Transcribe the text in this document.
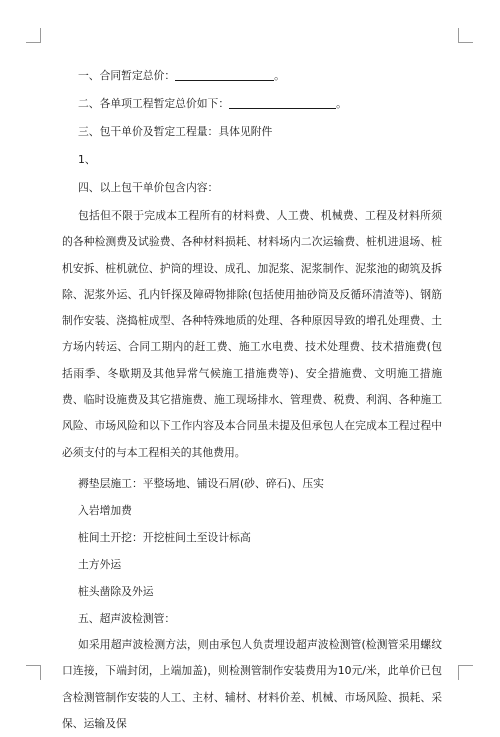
一、合同暂定总价：	。
二、各单项工程暂定总价如下：	。
三、包干单价及暂定工程量：具体见附件
1、
四、以上包干单价包含内容：

包括但不限于完成本工程所有的材料费、人工费、机械费、工程及材料所须的各种检测费及试验费、各种材料损耗、材料场内二次运输费、桩机进退场、桩机安拆、桩机就位、护筒的埋设、成孔、加泥浆、泥浆制作、泥浆池的砌筑及拆除、泥浆外运、孔内钎探及障碍物排除(包括使用抽砂筒及反循环清渣等)、钢筋制作安装、浇捣桩成型、各种特殊地质的处理、各种原因导致的增孔处理费、土方场内转运、合同工期内的赶工费、施工水电费、技术处理费、技术措施费(包括雨季、冬歇期及其他异常气候施工措施费等)、安全措施费、文明施工措施费、临时设施费及其它措施费、施工现场排水、管理费、税费、利润、各种施工风险、市场风险和以下工作内容及本合同虽未提及但承包人在完成本工程过程中必须支付的与本工程相关的其他费用。

褥垫层施工：平整场地、铺设石屑(砂、碎石)、压实

入岩增加费

桩间土开挖：开挖桩间土至设计标高

土方外运

桩头凿除及外运

五、超声波检测管：

如采用超声波检测方法，则由承包人负责埋设超声波检测管(检测管采用螺纹口连接，下端封闭，上端加盖)，则检测管制作安装费用为10元/米，此单价已包含检测管制作安装的人工、主材、辅材、材料价差、机械、市场风险、损耗、采保、运输及保
